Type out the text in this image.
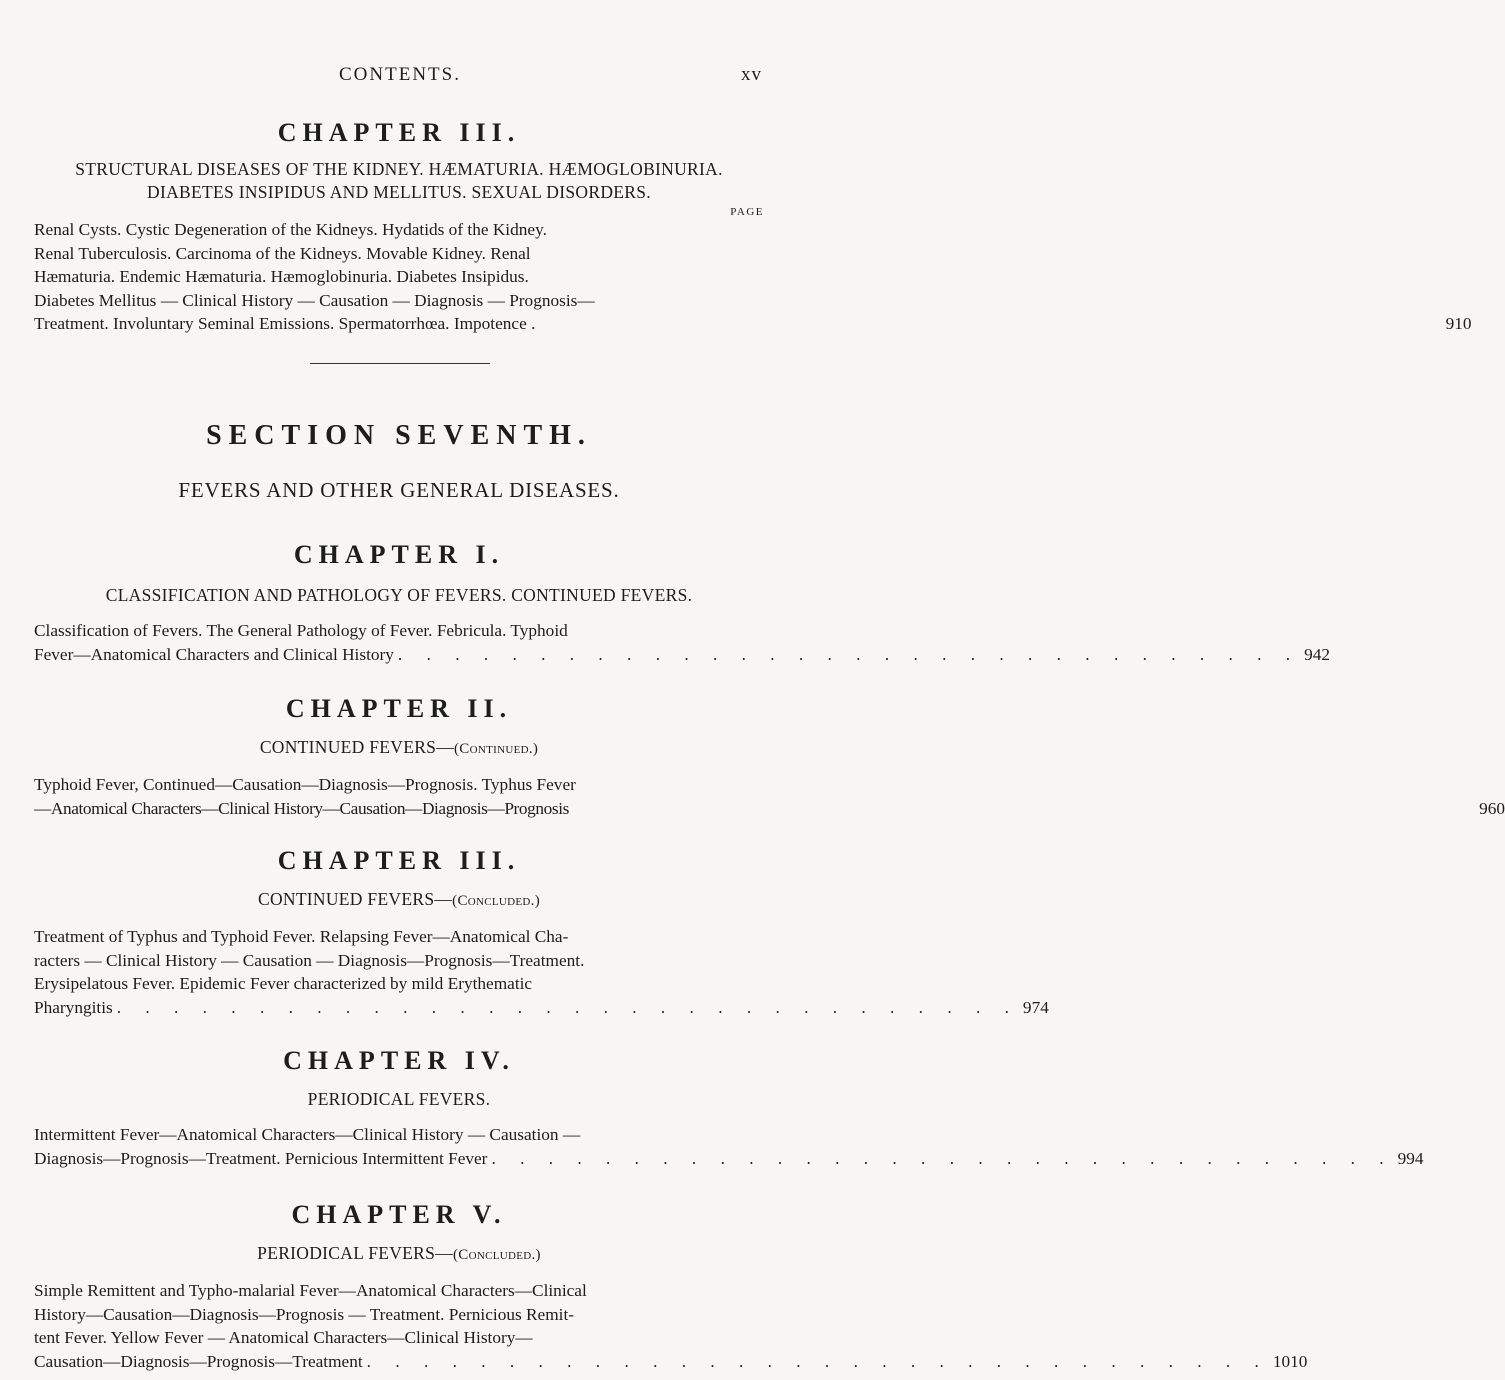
CONTENTS.	xv
CHAPTER III.

STRUCTURAL DISEASES OF THE KIDNEY. HÆMATURIA. HÆMOGLOBINURIA.

DIABETES INSIPIDUS AND MELLITUS. SEXUAL DISORDERS.

PAGE

Renal Cysts. Cystic Degeneration of the Kidneys. Hydatids of the Kidney.
Renal Tuberculosis. Carcinoma of the Kidneys. Movable Kidney. Renal
Hæmaturia. Endemic Hæmaturia. Hæmoglobinuria. Diabetes Insipidus.
Diabetes Mellitus — Clinical History — Causation — Diagnosis — Prognosis—
Treatment. Involuntary Seminal Emissions. Spermatorrhœa. Impotence .	910
SECTION SEVENTH.

FEVERS AND OTHER GENERAL DISEASES.

CHAPTER I.

CLASSIFICATION AND PATHOLOGY OF FEVERS. CONTINUED FEVERS.

Classification of Fevers. The General Pathology of Fever. Febricula. Typhoid
Fever—Anatomical Characters and Clinical History . . . . . . . . . . . . . . . . . . . . . . . . . . . . . . . . 942
CHAPTER II.

CONTINUED FEVERS—(Continued.)

Typhoid Fever, Continued—Causation—Diagnosis—Prognosis. Typhus Fever
—Anatomical Characters—Clinical History—Causation—Diagnosis—Prognosis	960
CHAPTER III.

CONTINUED FEVERS—(Concluded.)

Treatment of Typhus and Typhoid Fever. Relapsing Fever—Anatomical Cha-
racters — Clinical History — Causation — Diagnosis—Prognosis—Treatment.
Erysipelatous Fever. Epidemic Fever characterized by mild Erythematic
Pharyngitis . . . . . . . . . . . . . . . . . . . . . . . . . . . . . . . . 974
CHAPTER IV.

PERIODICAL FEVERS.

Intermittent Fever—Anatomical Characters—Clinical History — Causation —
Diagnosis—Prognosis—Treatment. Pernicious Intermittent Fever . . . . . . . . . . . . . . . . . . . . . . . . . . . . . . . . 994
CHAPTER V.

PERIODICAL FEVERS—(Concluded.)

Simple Remittent and Typho-malarial Fever—Anatomical Characters—Clinical
History—Causation—Diagnosis—Prognosis — Treatment. Pernicious Remit-
tent Fever. Yellow Fever — Anatomical Characters—Clinical History—
Causation—Diagnosis—Prognosis—Treatment . . . . . . . . . . . . . . . . . . . . . . . . . . . . . . . . 1010
